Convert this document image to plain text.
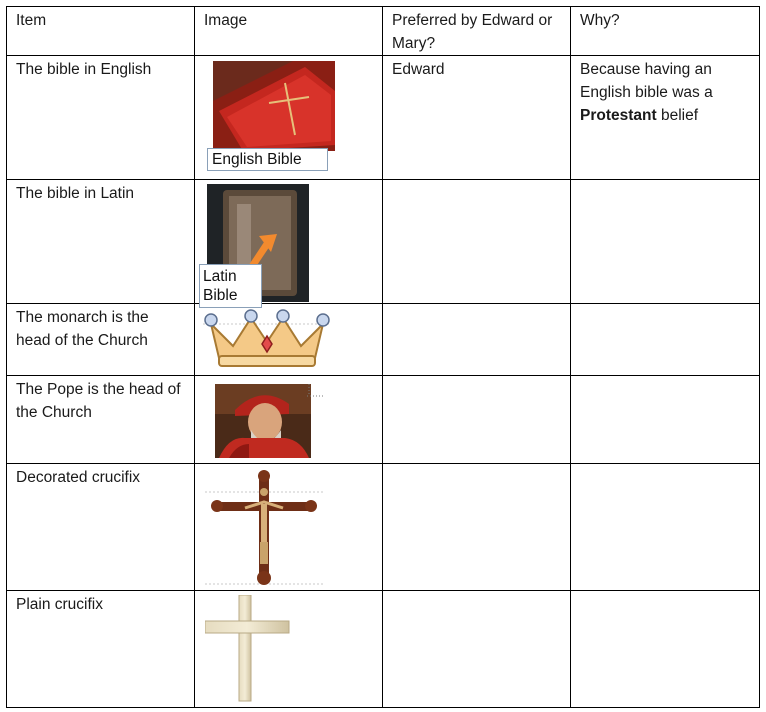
Item	Image	Preferred by Edward or Mary?	Why?

The bible in English	English Bible	Edward	Because having an English bible was a Protestant belief

The bible in Latin	Latin
Bible		

The monarch is the head of the Church

The Pope is the head of the Church

Decorated crucifix

Plain crucifix
